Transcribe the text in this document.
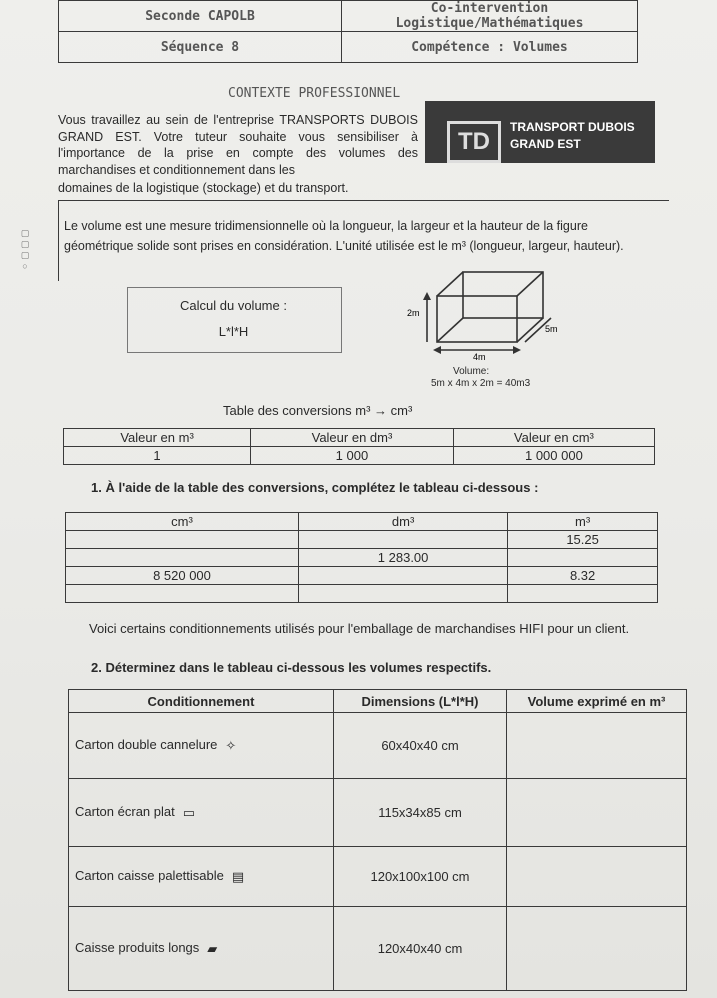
Seconde CAPOLB	Co-intervention
Logistique/Mathématiques

Séquence 8	Compétence : Volumes
CONTEXTE PROFESSIONNEL
Vous travaillez au sein de l'entreprise TRANSPORTS DUBOIS GRAND EST. Votre tuteur souhaite vous sensibiliser à l'importance de la prise en compte des volumes des marchandises et conditionnement dans les
domaines de la logistique (stockage) et du transport.
TD
TRANSPORT DUBOIS
GRAND EST
▢
▢
▢
○
Le volume est une mesure tridimensionnelle où la longueur, la largeur et la hauteur de la figure géométrique solide sont prises en considération. L'unité utilisée est le m³ (longueur, largeur, hauteur).
Calcul du volume :
L*l*H
2m
5m
4m
Volume:
5m x 4m x 2m = 40m3
Table des conversions m³ → cm³
Valeur en m³	Valeur en dm³	Valeur en cm³
1	1 000	1 000 000
1. À l'aide de la table des conversions, complétez le tableau ci-dessous :
cm³	dm³	m³
		15.25
	1 283.00	
8 520 000		8.32

Voici certains conditionnements utilisés pour l'emballage de marchandises HIFI pour un client.
2. Déterminez dans le tableau ci-dessous les volumes respectifs.
Conditionnement	Dimensions (L*l*H)	Volume exprimé en m³
Carton double cannelure ✧	60x40x40 cm	
Carton écran plat ▭	115x34x85 cm	
Carton caisse palettisable ▤	120x100x100 cm	
Caisse produits longs ▰	120x40x40 cm	
